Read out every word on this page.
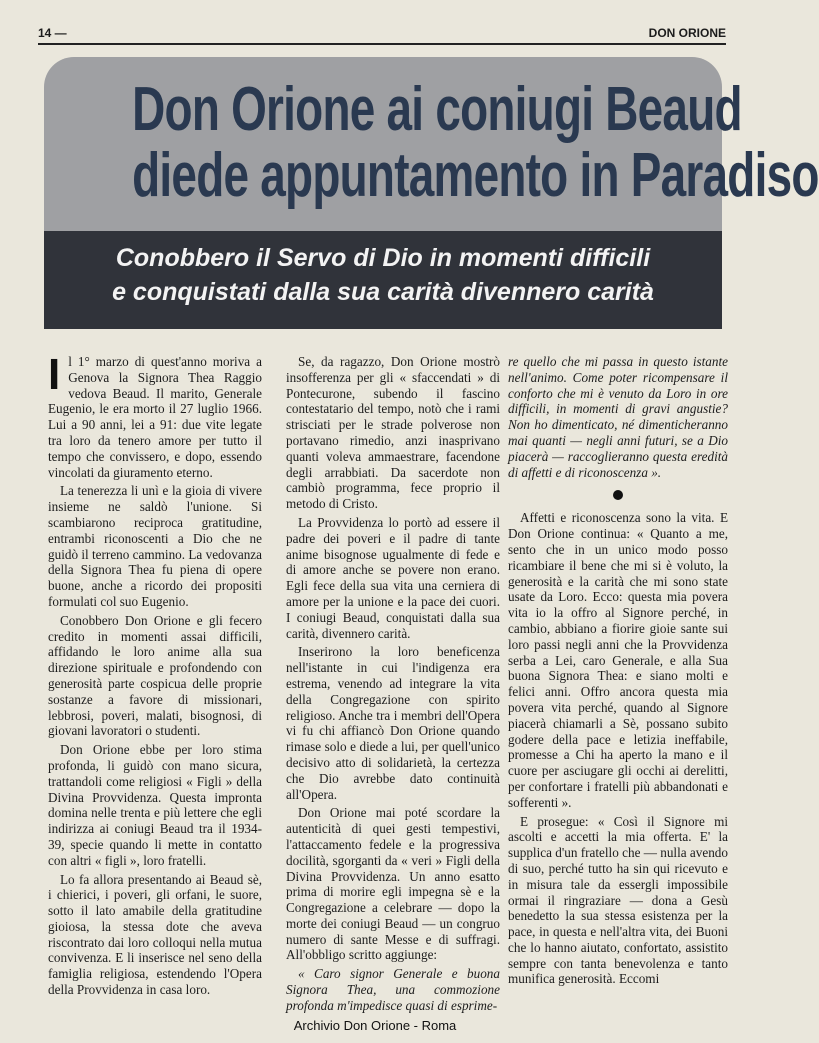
14 —	DON ORIONE
Don Orione ai coniugi Beaud
diede appuntamento in Paradiso
Conobbero il Servo di Dio in momenti difficili
e conquistati dalla sua carità divennero carità

Il 1° marzo di quest'anno moriva a Genova la Signora Thea Raggio vedova Beaud. Il marito, Generale Eugenio, le era morto il 27 luglio 1966. Lui a 90 anni, lei a 91: due vite legate tra loro da tenero amore per tutto il tempo che convissero, e dopo, essendo vincolati da giuramento eterno.

La tenerezza li unì e la gioia di vivere insieme ne saldò l'unione. Si scambiarono reciproca gratitudine, entrambi riconoscenti a Dio che ne guidò il terreno cammino. La vedovanza della Signora Thea fu piena di opere buone, anche a ricordo dei propositi formulati col suo Eugenio.

Conobbero Don Orione e gli fecero credito in momenti assai difficili, affidando le loro anime alla sua direzione spirituale e profondendo con generosità parte cospicua delle proprie sostanze a favore di missionari, lebbrosi, poveri, malati, bisognosi, di giovani lavoratori o studenti.

Don Orione ebbe per loro stima profonda, li guidò con mano sicura, trattandoli come religiosi « Figli » della Divina Provvidenza. Questa impronta domina nelle trenta e più lettere che egli indirizza ai coniugi Beaud tra il 1934-39, specie quando li mette in contatto con altri « figli », loro fratelli.

Lo fa allora presentando ai Beaud sè, i chierici, i poveri, gli orfani, le suore, sotto il lato amabile della gratitudine gioiosa, la stessa dote che aveva riscontrato dai loro colloqui nella mutua convivenza. E li inserisce nel seno della famiglia religiosa, estendendo l'Opera della Provvidenza in casa loro.

Se, da ragazzo, Don Orione mostrò insofferenza per gli « sfaccendati » di Pontecurone, subendo il fascino contestatario del tempo, notò che i rami strisciati per le strade polverose non portavano rimedio, anzi inasprivano quanti voleva ammaestrare, facendone degli arrabbiati. Da sacerdote non cambiò programma, fece proprio il metodo di Cristo.

La Provvidenza lo portò ad essere il padre dei poveri e il padre di tante anime bisognose ugualmente di fede e di amore anche se povere non erano. Egli fece della sua vita una cerniera di amore per la unione e la pace dei cuori. I coniugi Beaud, conquistati dalla sua carità, divennero carità.

Inserirono la loro beneficenza nell'istante in cui l'indigenza era estrema, venendo ad integrare la vita della Congregazione con spirito religioso. Anche tra i membri dell'Opera vi fu chi affiancò Don Orione quando rimase solo e diede a lui, per quell'unico decisivo atto di solidarietà, la certezza che Dio avrebbe dato continuità all'Opera.

Don Orione mai poté scordare la autenticità di quei gesti tempestivi, l'attaccamento fedele e la progressiva docilità, sgorganti da « veri » Figli della Divina Provvidenza. Un anno esatto prima di morire egli impegna sè e la Congregazione a celebrare — dopo la morte dei coniugi Beaud — un congruo numero di sante Messe e di suffragi. All'obbligo scritto aggiunge:

« Caro signor Generale e buona Signora Thea, una commozione profonda m'impedisce quasi di esprime-

re quello che mi passa in questo istante nell'animo. Come poter ricompensare il conforto che mi è venuto da Loro in ore difficili, in momenti di gravi angustie? Non ho dimenticato, né dimenticheranno mai quanti — negli anni futuri, se a Dio piacerà — raccoglieranno questa eredità di affetti e di riconoscenza ».

Affetti e riconoscenza sono la vita. E Don Orione continua: « Quanto a me, sento che in un unico modo posso ricambiare il bene che mi si è voluto, la generosità e la carità che mi sono state usate da Loro. Ecco: questa mia povera vita io la offro al Signore perché, in cambio, abbiano a fiorire gioie sante sui loro passi negli anni che la Provvidenza serba a Lei, caro Generale, e alla Sua buona Signora Thea: e siano molti e felici anni. Offro ancora questa mia povera vita perché, quando al Signore piacerà chiamarli a Sè, possano subito godere della pace e letizia ineffabile, promesse a Chi ha aperto la mano e il cuore per asciugare gli occhi ai derelitti, per confortare i fratelli più abbandonati e sofferenti ».

E prosegue: « Così il Signore mi ascolti e accetti la mia offerta. E' la supplica d'un fratello che — nulla avendo di suo, perché tutto ha sin qui ricevuto e in misura tale da essergli impossibile ormai il ringraziare — dona a Gesù benedetto la sua stessa esistenza per la pace, in questa e nell'altra vita, dei Buoni che lo hanno aiutato, confortato, assistito sempre con tanta benevolenza e tanto munifica generosità. Eccomi

Archivio Don Orione - Roma
